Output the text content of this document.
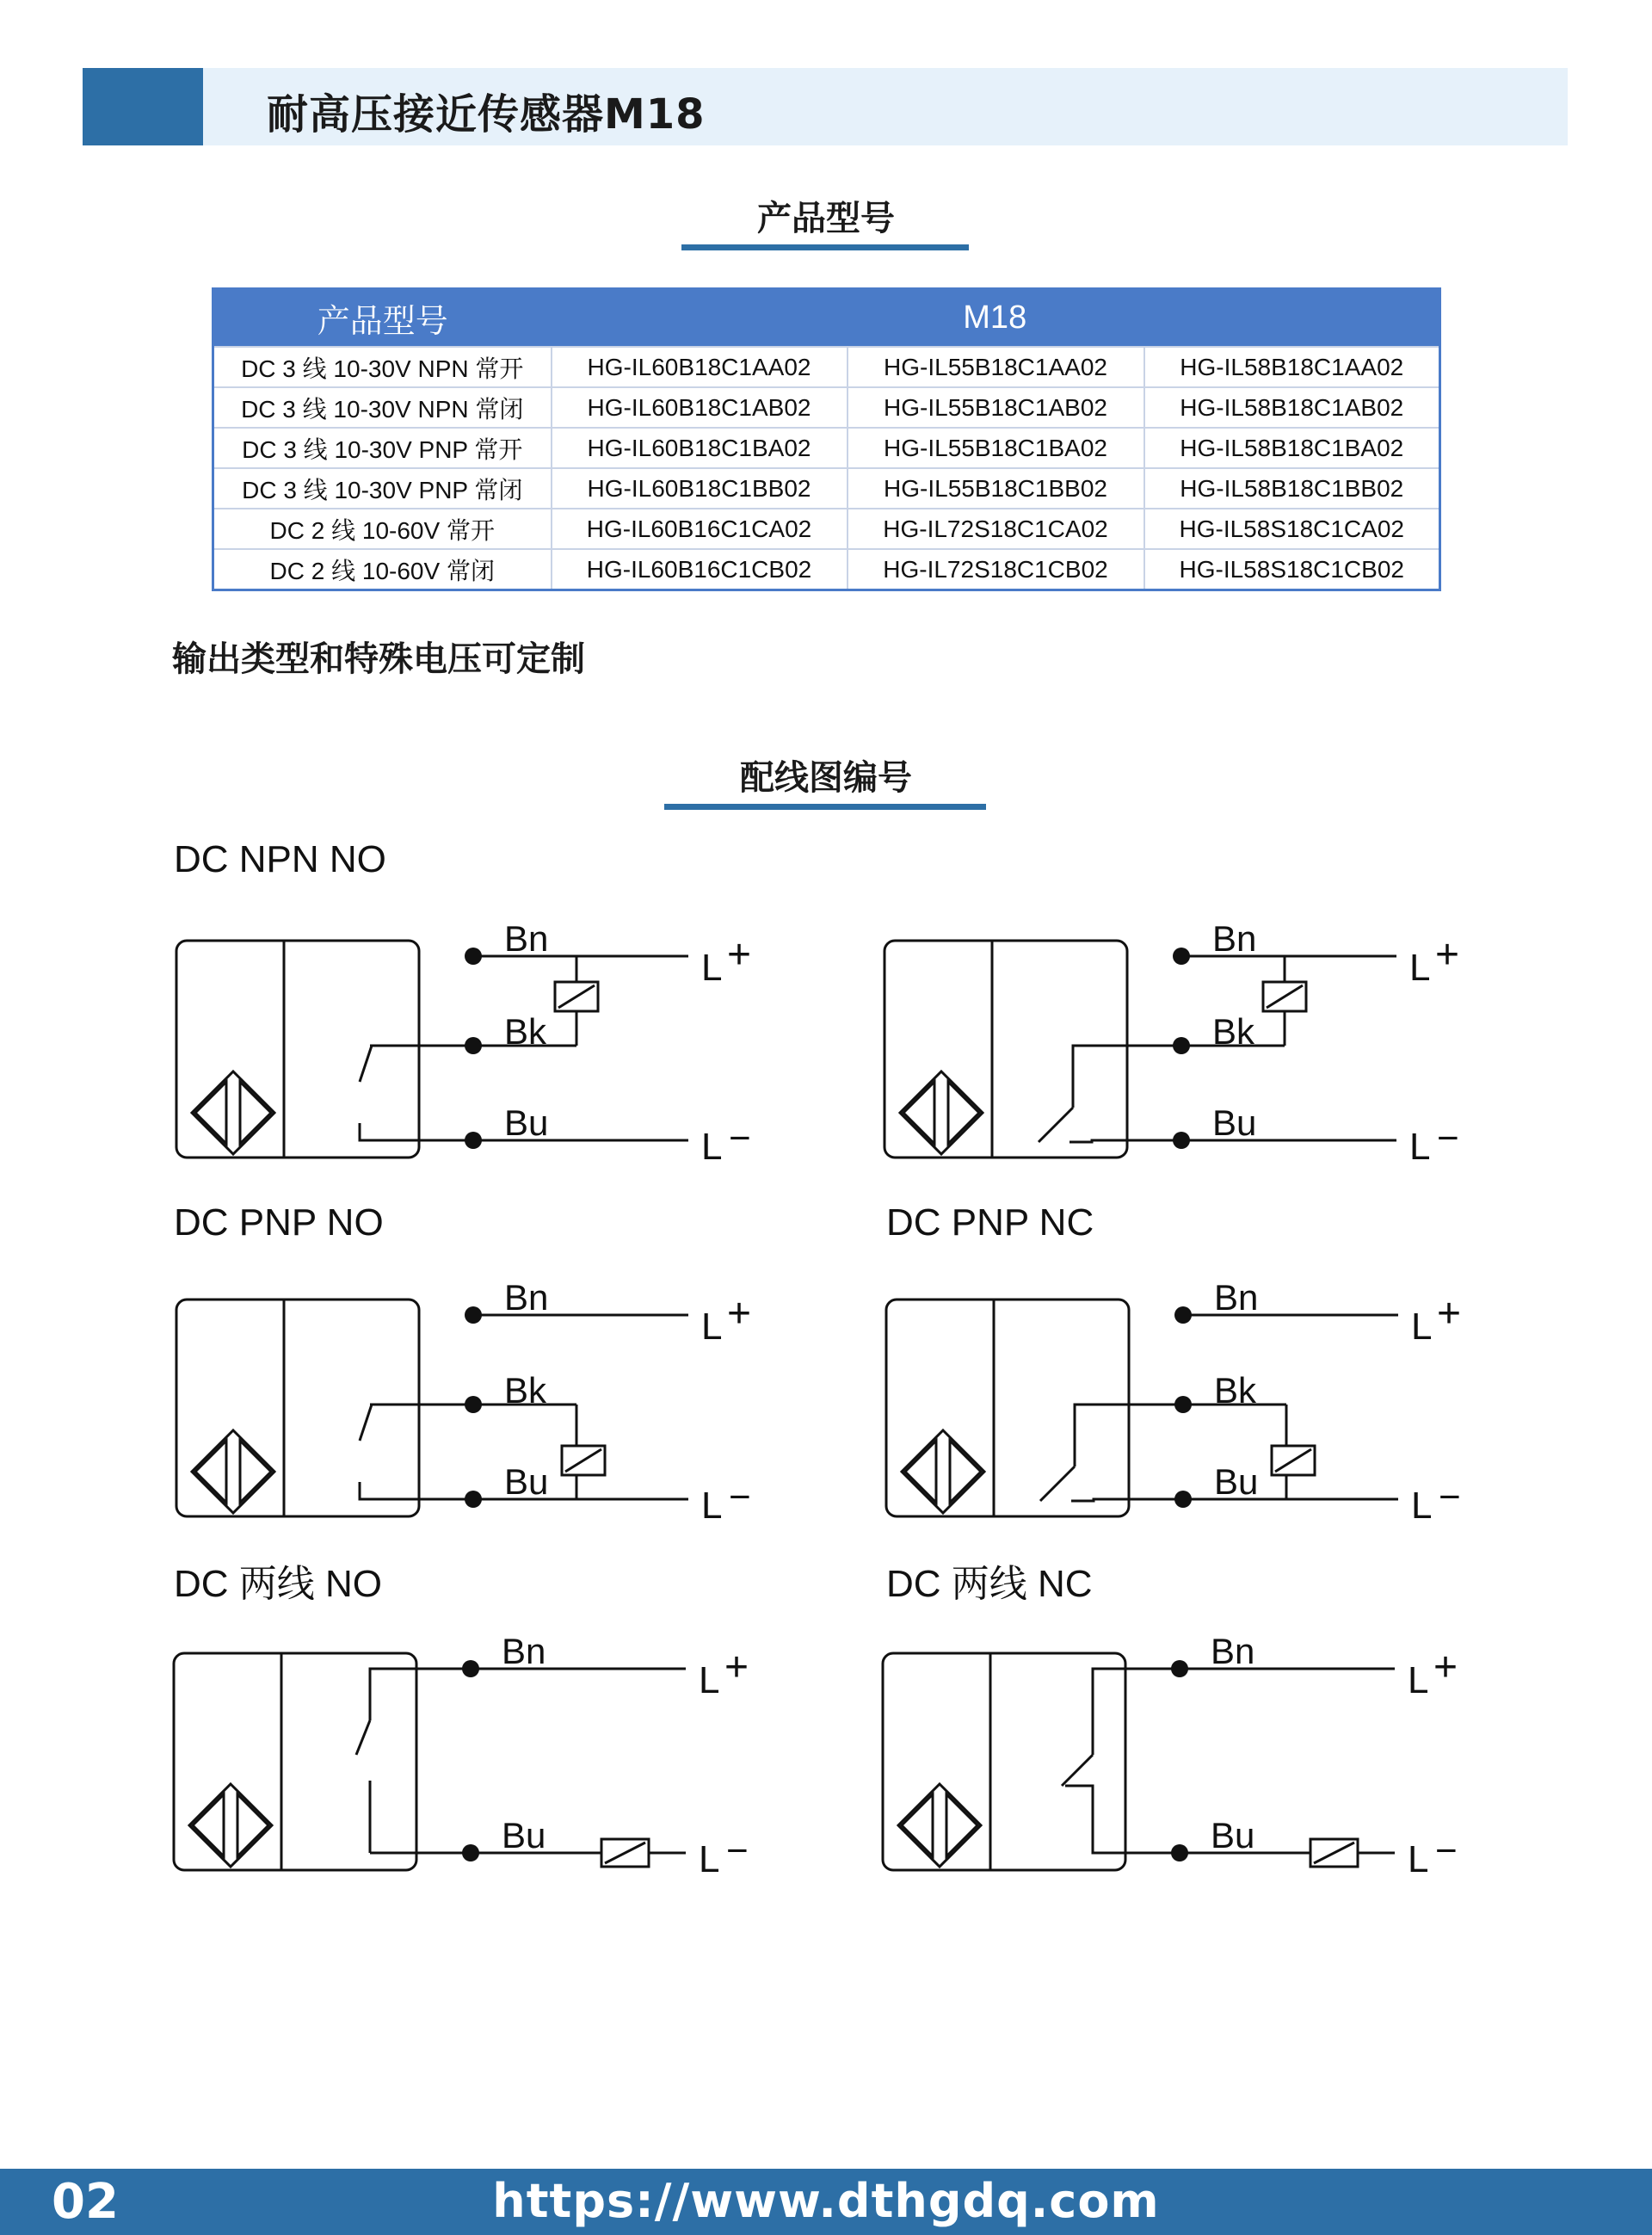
耐高压接近传感器M18
产品型号
产品型号	M18		
DC 3 线 10-30V NPN 常开	HG-IL60B18C1AA02	HG-IL55B18C1AA02	HG-IL58B18C1AA02
DC 3 线 10-30V NPN 常闭	HG-IL60B18C1AB02	HG-IL55B18C1AB02	HG-IL58B18C1AB02
DC 3 线 10-30V PNP 常开	HG-IL60B18C1BA02	HG-IL55B18C1BA02	HG-IL58B18C1BA02
DC 3 线 10-30V PNP 常闭	HG-IL60B18C1BB02	HG-IL55B18C1BB02	HG-IL58B18C1BB02
DC 2 线 10-60V 常开	HG-IL60B16C1CA02	HG-IL72S18C1CA02	HG-IL58S18C1CA02
DC 2 线 10-60V 常闭	HG-IL60B16C1CB02	HG-IL72S18C1CB02	HG-IL58S18C1CB02
输出类型和特殊电压可定制
配线图编号
DC NPN NO
DC PNP NO	DC PNP NC
DC 两线 NO	DC 两线 NC
Bn
Bk
Bu
L +
L −
Bn
Bk
Bu
L +
L −
Bn
Bk
Bu
L +
L −
Bn
Bk
Bu
L +
L −
Bn
Bu
L +
L −
Bn
Bu
L +
L −
02	https://www.dthgdq.com
